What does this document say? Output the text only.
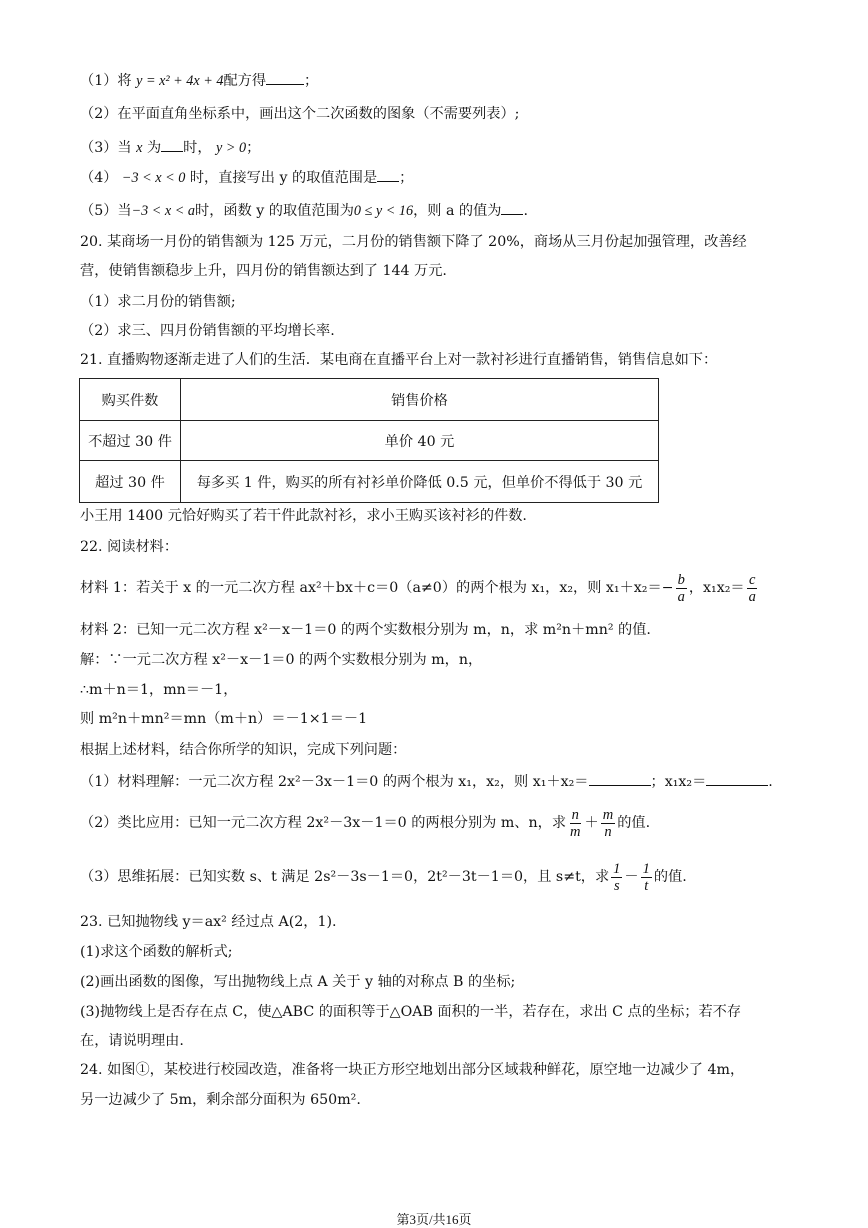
（1）将 y = x² + 4x + 4配方得	；
（2）在平面直角坐标系中，画出这个二次函数的图象（不需要列表）;
（3）当 x 为 时， y > 0；
（4） −3 < x < 0 时，直接写出 y 的取值范围是 ；
（5）当−3 < x < a时，函数 y 的取值范围为0 ≤ y < 16，则 a 的值为 .
20. 某商场一月份的销售额为 125 万元，二月份的销售额下降了 20%，商场从三月份起加强管理，改善经
营，使销售额稳步上升，四月份的销售额达到了 144 万元.
（1）求二月份的销售额;
（2）求三、四月份销售额的平均增长率.
21. 直播购物逐渐走进了人们的生活．某电商在直播平台上对一款衬衫进行直播销售，销售信息如下：
购买件数	销售价格
不超过 30 件	单价 40 元
超过 30 件	每多买 1 件，购买的所有衬衫单价降低 0.5 元，但单价不得低于 30 元
小王用 1400 元恰好购买了若干件此款衬衫，求小王购买该衬衫的件数.
22. 阅读材料：
材料 1：若关于 x 的一元二次方程 ax²＋bx＋c＝0（a≠0）的两个根为 x₁，x₂，则 $x_1+x_2=- \frac{b}{a}$ ，$x_1x_2= \frac{c}{a}$
材料 2：已知一元二次方程 x²－x－1＝0 的两个实数根分别为 m，n，求 m²n＋mn² 的值.
解：∵一元二次方程 x²－x－1＝0 的两个实数根分别为 m，n，
∴m＋n＝1，mn＝－1，
则 m²n＋mn²＝mn（m＋n）＝－1×1＝－1
根据上述材料，结合你所学的知识，完成下列问题：
（1）材料理解：一元二次方程 2x²－3x－1＝0 的两个根为 x₁，x₂，则 x₁＋x₂＝	；x₁x₂＝	.
（2）类比应用：已知一元二次方程 2x²－3x－1＝0 的两根分别为 m、n，求 $\frac{n}{m} + \frac{m}{n}$ 的值.
（3）思维拓展：已知实数 s、t 满足 2s²－3s－1＝0，2t²－3t－1＝0，且 s≠t，求 $\frac{1}{s} - \frac{1}{t}$ 的值.
23. 已知抛物线 y＝ax² 经过点 A(2，1).
(1)求这个函数的解析式;
(2)画出函数的图像，写出抛物线上点 A 关于 y 轴的对称点 B 的坐标;
(3)抛物线上是否存在点 C，使△ABC 的面积等于△OAB 面积的一半，若存在，求出 C 点的坐标；若不存
在，请说明理由.
24. 如图①，某校进行校园改造，准备将一块正方形空地划出部分区域栽种鲜花，原空地一边减少了 4m，
另一边减少了 5m，剩余部分面积为 650m².
第3页/共16页
